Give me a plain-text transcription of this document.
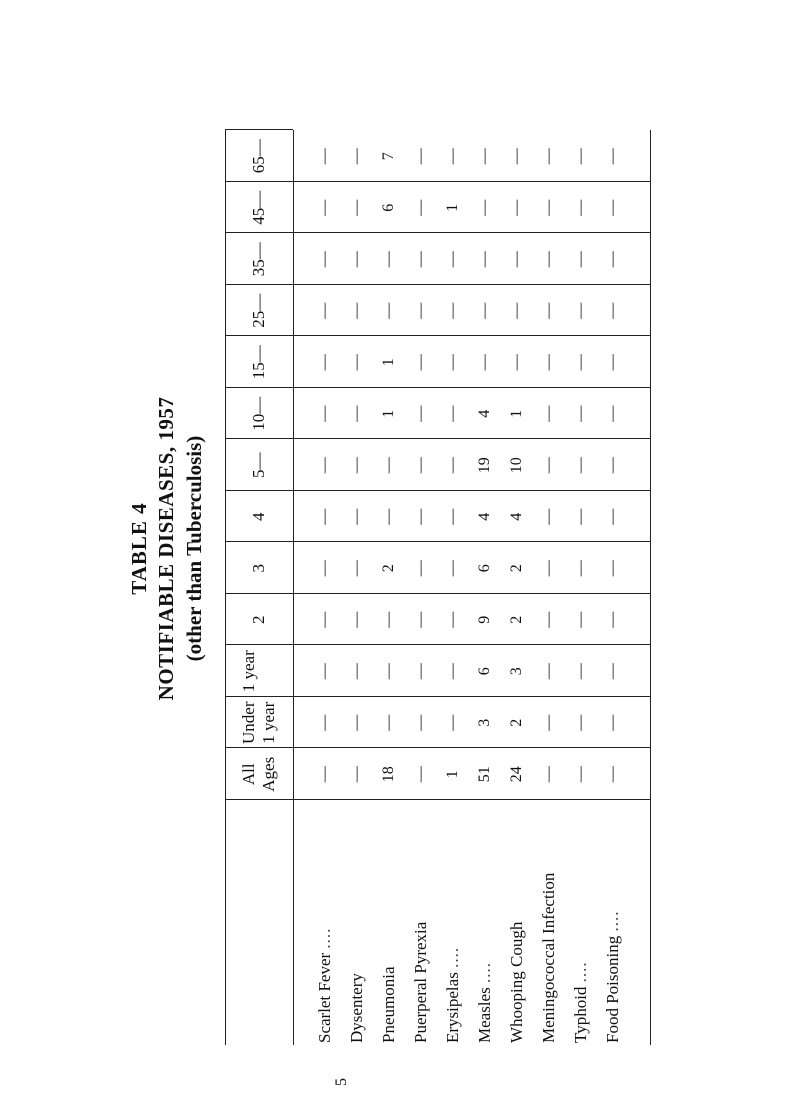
TABLE 4 NOTIFIABLE DISEASES, 1957 (other than Tuberculosis)
All Ages
Under 1 year
1 year
2
3
4
5—
10—
15—
25—
35—
45—
65—
Scarlet Fever ....
—
—
—
—
—
—
—
—
—
—
—
—
—
Dysentery
—
—
—
—
—
—
—
—
—
—
—
—
—
Pneumonia
18
—
—
—
2
—
—
1
1
—
—
6
7
Puerperal Pyrexia
—
—
—
—
—
—
—
—
—
—
—
—
—
Erysipelas ....
1
—
—
—
—
—
—
—
—
—
—
1
—
Measles ....
51
3
6
9
6
4
19
4
—
—
—
—
—
Whooping Cough
24
2
3
2
2
4
10
1
—
—
—
—
—
Meningococcal Infection
—
—
—
—
—
—
—
—
—
—
—
—
—
Typhoid ....
—
—
—
—
—
—
—
—
—
—
—
—
—
Food Poisoning ....
—
—
—
—
—
—
—
—
—
—
—
—
—
5
